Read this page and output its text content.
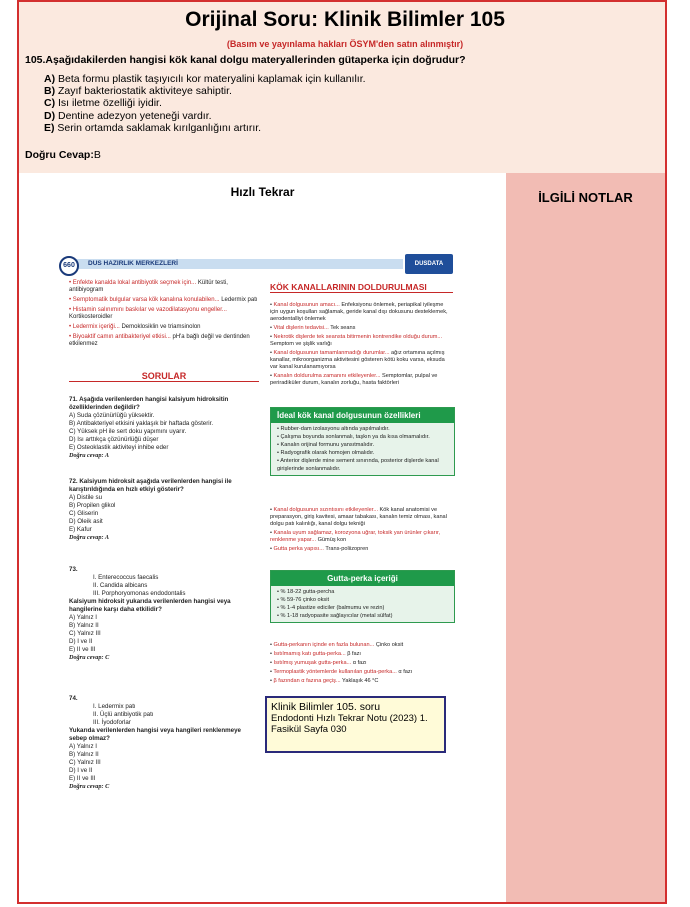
Orijinal Soru: Klinik Bilimler 105
(Basım ve yayınlama hakları ÖSYM'den satın alınmıştır)
105.Aşağıdakilerden hangisi kök kanal dolgu materyallerinden gütaperka için doğrudur?
A) Beta formu plastik taşıyıcılı kor materyalini kaplamak için kullanılır.
B) Zayıf bakteriostatik aktiviteye sahiptir.
C) Isı iletme özelliği iyidir.
D) Dentine adezyon yeteneği vardır.
E) Serin ortamda saklamak kırılganlığını artırır.
Doğru Cevap:B
İLGİLİ NOTLAR
Hızlı Tekrar
DUS HAZIRLIK MERKEZLERİ
660	DUSDATA
• Enfekte kanalda lokal antibiyotik seçmek için... Kültür testi, antibiyogram
• Semptomatik bulgular varsa kök kanalına konulabilen... Ledermix patı
• Histamin salınımını baskılar ve vazodilatasyonu engeller... Kortikosteroidler
• Ledermix içeriği... Demoklosiklin ve triamsinolon
• Biyoaktif camın antibakteriyel etkisi... pH'a bağlı değil ve dentinden etkilenmez
SORULAR
71. Aşağıda verilenlerden hangisi kalsiyum hidroksitin özelliklerinden değildir?
A) Suda çözünürlüğü yüksektir.
B) Antibakteriyel etkisini yaklaşık bir haftada gösterir.
C) Yüksek pH ile sert doku yapımını uyarır.
D) Isı arttıkça çözünürlüğü düşer
E) Osteoklastik aktiviteyi inhibe eder
Doğru cevap: A
72. Kalsiyum hidroksit aşağıda verilenlerden hangisi ile karıştırıldığında en hızlı etkiyi gösterir?
A) Distile su
B) Propilen glikol
C) Gliserin
D) Oleik asit
E) Kafur
Doğru cevap: A
73.
I. Enterecoccus faecalis
II. Candida albicans
III. Porphoryomonas endodontalis
Kalsiyum hidroksit yukarıda verilenlerden hangisi veya hangilerine karşı daha etkilidir?
A) Yalnız I
B) Yalnız II
C) Yalnız III
D) I ve II
E) II ve III
Doğru cevap: C
74.
I. Ledermix patı
II. Üçlü antibiyotik patı
III. İyodoforlar
Yukarıda verilenlerden hangisi veya hangileri renklenmeye sebep olmaz?
A) Yalnız I
B) Yalnız II
C) Yalnız III
D) I ve II
E) II ve III
Doğru cevap: C
KÖK KANALLARININ DOLDURULMASI
• Kanal dolgusunun amacı... Enfeksiyonu önlemek, periapikal iyileşme için uygun koşulları sağlamak, geride kanal dışı dokusunu desteklemek, aerodentalliyi önlemek
• Vital dişlerin tedavisi... Tek seans
• Nekrotik dişlerde tek seansta bitirmenin kontrendike olduğu durum... Semptom ve şişlik varlığı
• Kanal dolgusunun tamamlanmadığı durumlar... ağız ortamına açılmış kanallar, mikroorganizma aktivitesini gösteren kötü koku varsa, eksuda var kanal kurulanamıyorsa
• Kanalın doldurulma zamanını etkileyenler... Semptomlar, pulpal ve periradiküler durum, kanalın zorluğu, hasta faktörleri
İdeal kök kanal dolgusunun özellikleri
• Rubber-dam izolasyonu altında yapılmalıdır.
• Çalışma boyunda sonlanmalı, taşkın ya da kısa olmamalıdır.
• Kanalın orijinal formunu yansıtmalıdır.
• Radyografik olarak homojen olmalıdır.
• Anterior dişlerde mine sement sınırında, posterior dişlerde kanal girişlerinde sonlanmalıdır.
• Kanal dolgusunun sızıntısını etkileyenler... Kök kanal anatomisi ve preparasyon, giriş kavitesi, amaar tabakası, kanalın temiz olması, kanal dolgu patı kalınlığı, kanal dolgu tekniği
• Kanala uyum sağlamaz, korozyona uğrar, toksik yan ürünler çıkarır, renklenme yapar... Gümüş kon
• Gutta perka yapısı... Trans-poliizopren
Gutta-perka içeriği
• % 18-22 gutta-percha
• % 59-76 çinko oksit
• % 1-4 plastize ediciler (balmumu ve rezin)
• % 1-18 radyopasite sağlayıcılar (metal sülfat)
• Gutta-perkanın içinde en fazla bulunan... Çinko oksit
• Isıtılmamış katı gutta-perka... β fazı
• Isıtılmış yumuşak gutta-perka... α fazı
• Termoplastik yöntemlerde kullanılan gutta-perka... α fazı
• β fazından α fazına geçiş... Yaklaşık 46 °C
Klinik Bilimler 105. soru
Endodonti Hızlı Tekrar Notu (2023) 1. Fasikül Sayfa 030
